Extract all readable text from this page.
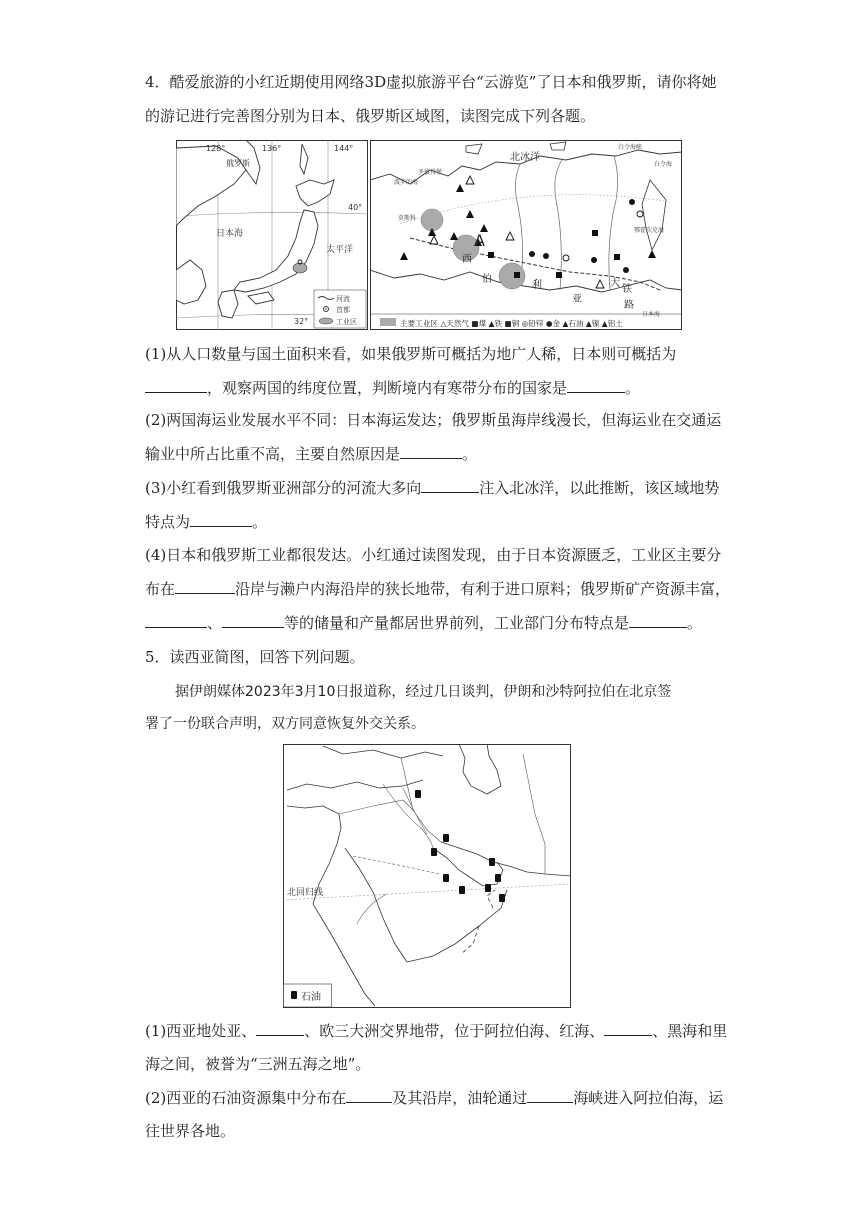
4．酷爱旅游的小红近期使用网络3D虚拟旅游平台“云游览”了日本和俄罗斯，请你将她
的游记进行完善图分别为日本、俄罗斯区域图，读图完成下列各题。
128°	136°	144°
40°
32°
俄罗斯
日本海
太平洋
河流
首都
工业区
北冰洋
白令海峡
白令海
鄂霍次克海
日本海
波罗的海
圣彼得堡
莫斯科
西
伯
利
亚
大
铁
路
A
主要工业区 △天然气 ■煤 ▲铁 ■铜 ◎铅锌 ●金 ▲石油 ▲镍 ▲铝土
(1)从人口数量与国土面积来看，如果俄罗斯可概括为地广人稀，日本则可概括为
，观察两国的纬度位置，判断境内有寒带分布的国家是	。
(2)两国海运业发展水平不同：日本海运发达；俄罗斯虽海岸线漫长，但海运业在交通运
输业中所占比重不高，主要自然原因是	。
(3)小红看到俄罗斯亚洲部分的河流大多向	注入北冰洋，以此推断，该区域地势
特点为	。
(4)日本和俄罗斯工业都很发达。小红通过读图发现，由于日本资源匮乏，工业区主要分
布在	沿岸与濑户内海沿岸的狭长地带，有利于进口原料；俄罗斯矿产资源丰富，
、	等的储量和产量都居世界前列，工业部门分布特点是	。
5．读西亚简图，回答下列问题。
据伊朗媒体2023年3月10日报道称，经过几日谈判，伊朗和沙特阿拉伯在北京签
署了一份联合声明，双方同意恢复外交关系。
北回归线
石油
(1)西亚地处亚、	、欧三大洲交界地带，位于阿拉伯海、红海、	、黑海和里
海之间，被誉为“三洲五海之地”。
(2)西亚的石油资源集中分布在	及其沿岸，油轮通过	海峡进入阿拉伯海，运
往世界各地。
